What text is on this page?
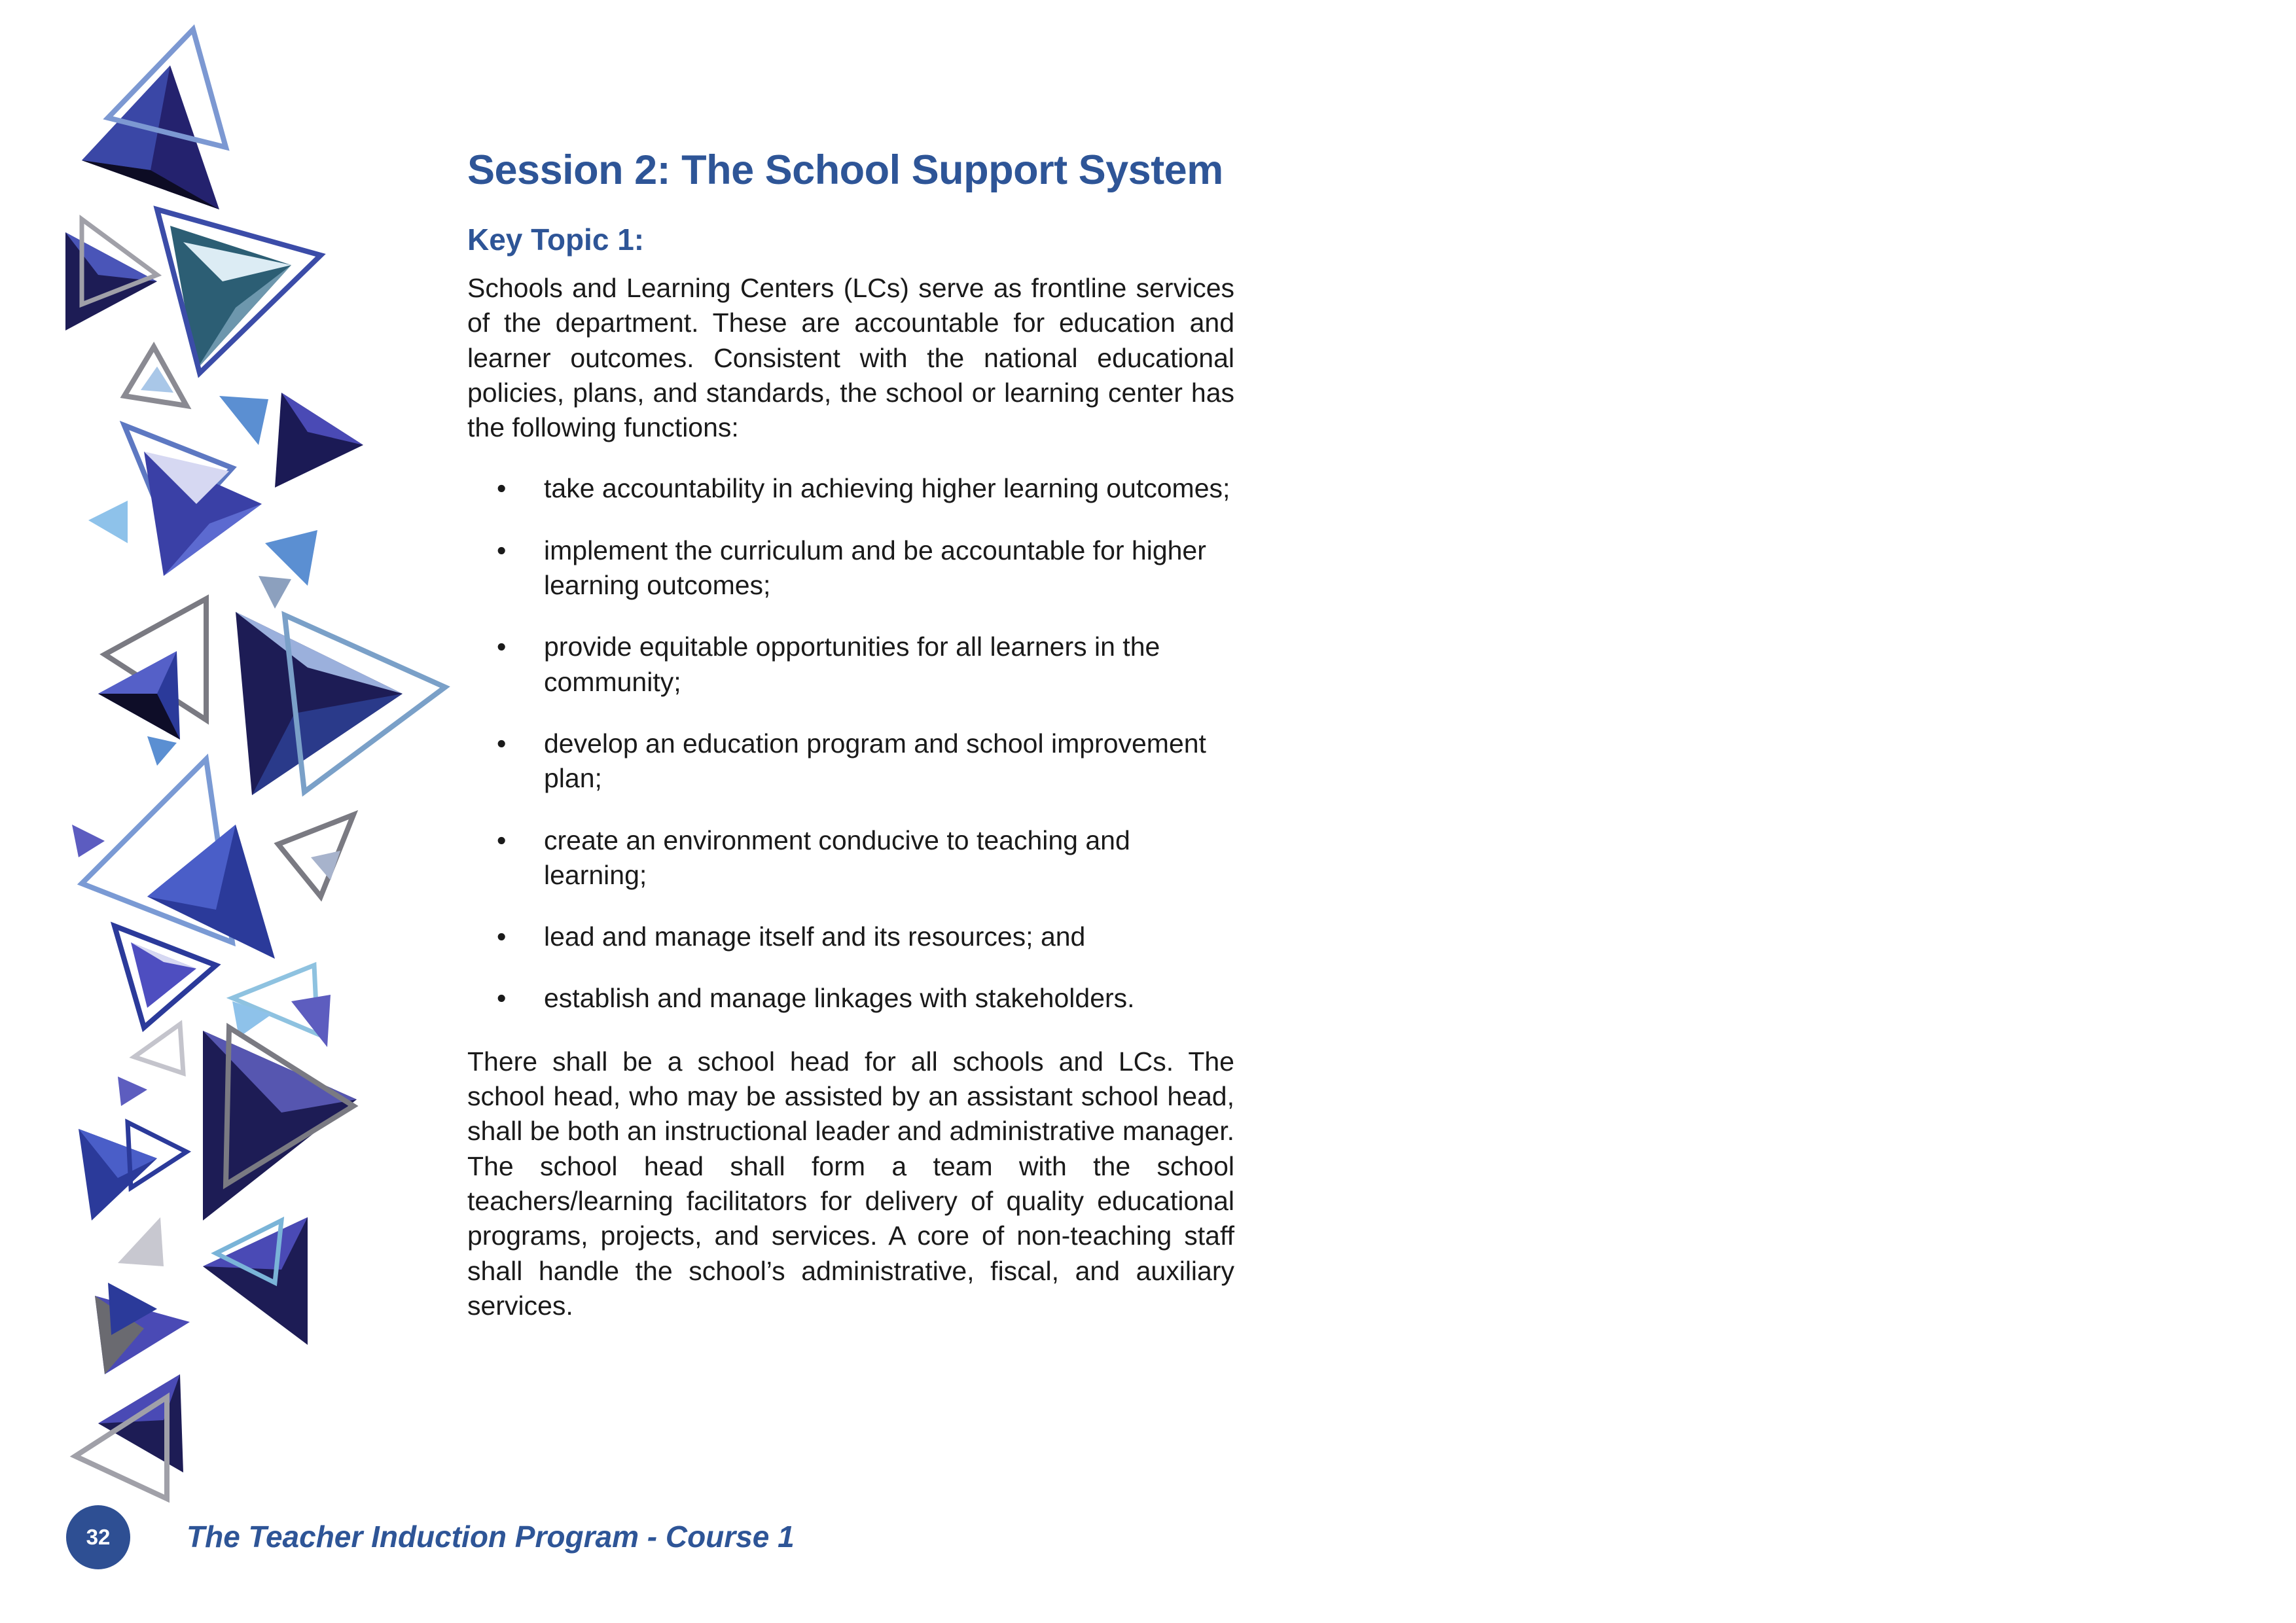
Session 2: The School Support System
Key Topic 1:

Schools and Learning Centers (LCs) serve as frontline services of the department. These are accountable for education and learner outcomes. Consistent with the national educational policies, plans, and standards, the school or learning center has the following functions:

• take accountability in achieving higher learning outcomes;
• implement the curriculum and be accountable for higher learning outcomes;
• provide equitable opportunities for all learners in the community;
• develop an education program and school improvement plan;
• create an environment conducive to teaching and learning;
• lead and manage itself and its resources; and
• establish and manage linkages with stakeholders.

There shall be a school head for all schools and LCs. The school head, who may be assisted by an assistant school head, shall be both an instructional leader and administrative manager. The school head shall form a team with the school teachers/learning facilitators for delivery of quality educational programs, projects, and services. A core of non-teaching staff shall handle the school’s administrative, fiscal, and auxiliary services.

32	The Teacher Induction Program - Course 1
